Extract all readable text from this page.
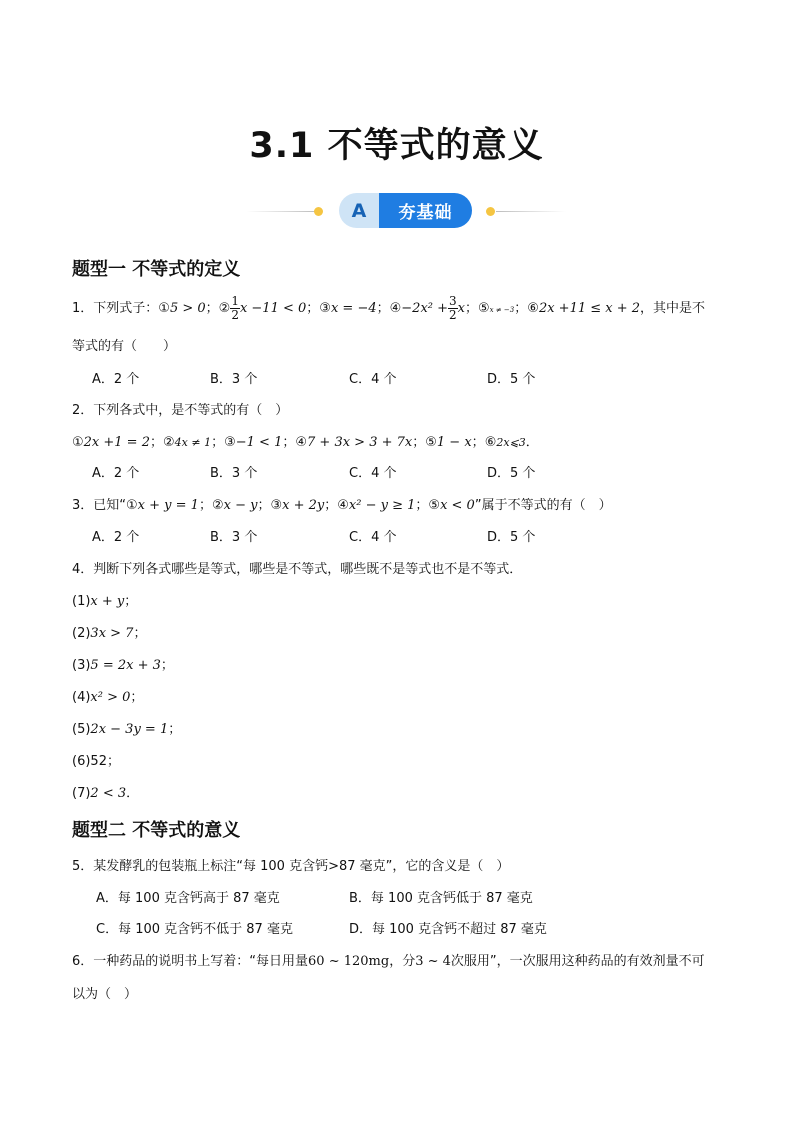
3.1 不等式的意义
A	夯基础
题型一 不等式的定义
1．下列式子：①5 > 0；② $\frac{1}{2}$ x −11 < 0；③x = −4；④−2x² + $\frac{3}{2}$ x；⑤x ≠ −3；⑥2x +11 ≤ x + 2，其中是不
等式的有（　　）
A．2 个	B．3 个	C．4 个	D．5 个
2．下列各式中，是不等式的有（　）
①2x +1 = 2；②4x ≠ 1；③−1 < 1；④7 + 3x > 3 + 7x；⑤1 − x；⑥2x⩽3．
A．2 个	B．3 个	C．4 个	D．5 个
3．已知“①x + y = 1；②x − y；③x + 2y；④x² − y ≥ 1；⑤x < 0”属于不等式的有（　）
A．2 个	B．3 个	C．4 个	D．5 个
4．判断下列各式哪些是等式，哪些是不等式，哪些既不是等式也不是不等式．
(1)x + y；
(2)3x > 7；
(3)5 = 2x + 3；
(4)x² > 0；
(5)2x − 3y = 1；
(6)52；
(7)2 < 3．
题型二 不等式的意义
5．某发酵乳的包装瓶上标注“每 100 克含钙>87 毫克”，它的含义是（　）
A．每 100 克含钙高于 87 毫克	B．每 100 克含钙低于 87 毫克
C．每 100 克含钙不低于 87 毫克	D．每 100 克含钙不超过 87 毫克
6．一种药品的说明书上写着：“每日用量60 ~ 120mg，分3 ~ 4次服用”，一次服用这种药品的有效剂量不可
以为（　）
